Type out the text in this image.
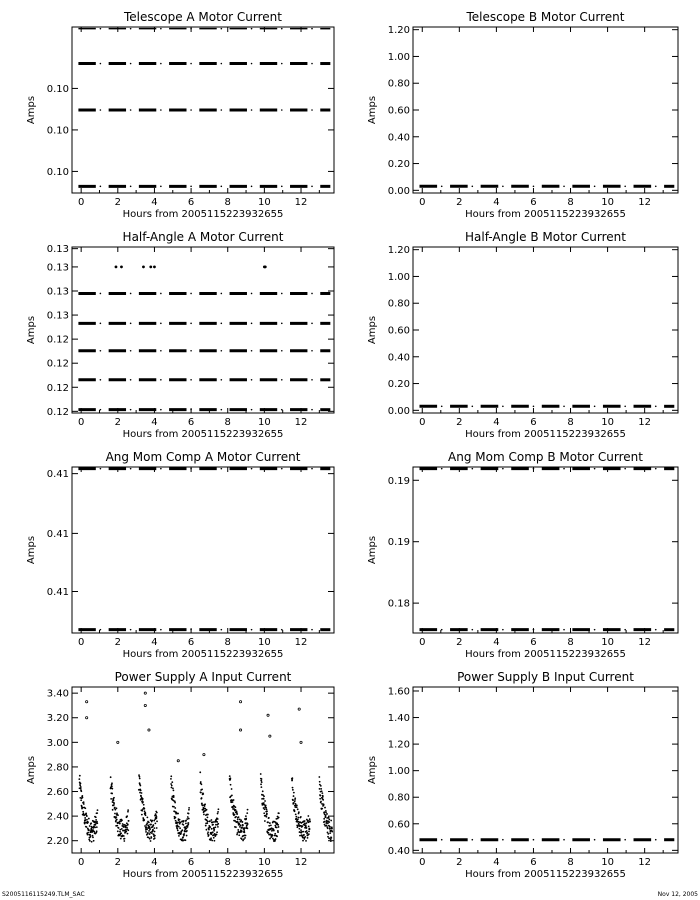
Telescope A Motor Current
0	2	4	6	8	10 12
Hours from 2005115223932655
0.10
0.10
0.10
Amps
Telescope B Motor Current
0	2	4	6	8	10 12
Hours from 2005115223932655
0.00
0.20
0.40
0.60
0.80
1.00
1.20
Amps
Half-Angle A Motor Current
0	2	4	6	8	10 12
Hours from 2005115223932655
0.12
0.12
0.12
0.12
0.13
0.13
0.13
0.13
Amps
Half-Angle B Motor Current
0	2	4	6	8	10 12
Hours from 2005115223932655
0.00
0.20
0.40
0.60
0.80
1.00
1.20
Amps
Ang Mom Comp A Motor Current
0	2	4	6	8	10 12
Hours from 2005115223932655
0.41
0.41
0.41
Amps
Ang Mom Comp B Motor Current
0	2	4	6	8	10 12
Hours from 2005115223932655
0.19
0.19
0.18
Amps
Power Supply A Input Current
0	2	4	6	8	10 12
Hours from 2005115223932655
2.20
2.40
2.60
2.80
3.00
3.20
3.40
Amps
Power Supply B Input Current
0	2	4	6	8	10 12
Hours from 2005115223932655
0.40
0.60
0.80
1.00
1.20
1.40
1.60
Amps
S2005116115249.TLM_SAC	Nov 12, 2005
